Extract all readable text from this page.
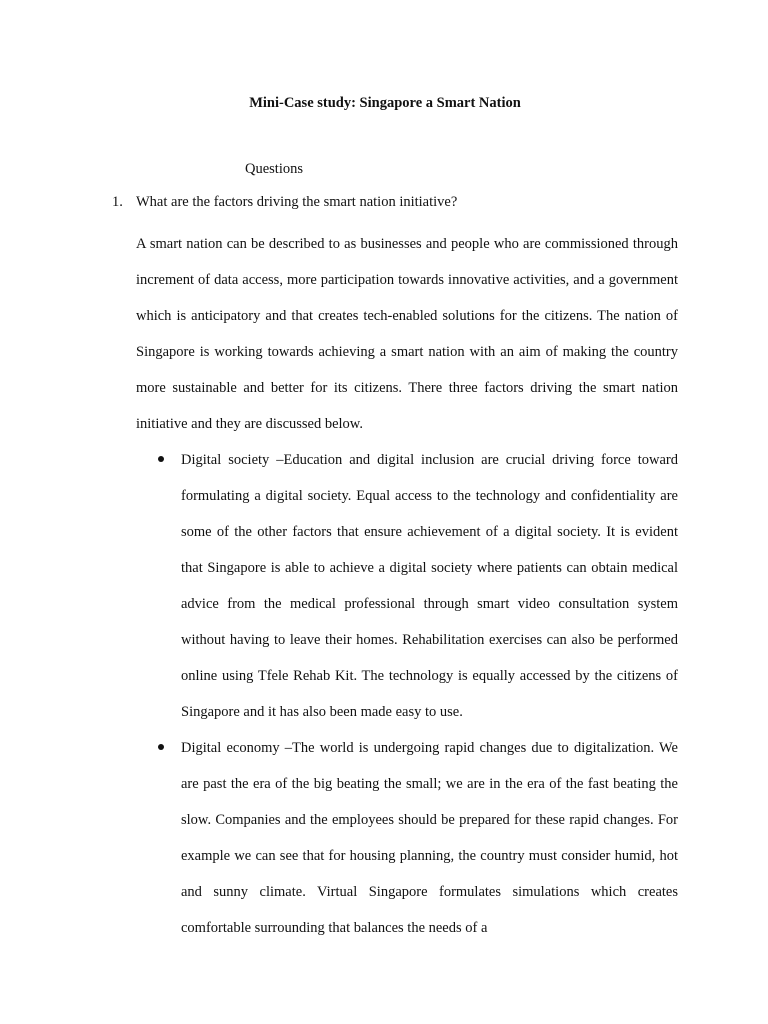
Mini-Case study: Singapore a Smart Nation
Questions
1. What are the factors driving the smart nation initiative?

A smart nation can be described to as businesses and people who are commissioned through increment of data access, more participation towards innovative activities, and a government which is anticipatory and that creates tech-enabled solutions for the citizens. The nation of Singapore is working towards achieving a smart nation with an aim of making the country more sustainable and better for its citizens. There three factors driving the smart nation initiative and they are discussed below.

Digital society –Education and digital inclusion are crucial driving force toward formulating a digital society. Equal access to the technology and confidentiality are some of the other factors that ensure achievement of a digital society. It is evident that Singapore is able to achieve a digital society where patients can obtain medical advice from the medical professional through smart video consultation system without having to leave their homes. Rehabilitation exercises can also be performed online using Tfele Rehab Kit. The technology is equally accessed by the citizens of Singapore and it has also been made easy to use.
Digital economy –The world is undergoing rapid changes due to digitalization. We are past the era of the big beating the small; we are in the era of the fast beating the slow. Companies and the employees should be prepared for these rapid changes. For example we can see that for housing planning, the country must consider humid, hot and sunny climate. Virtual Singapore formulates simulations which creates comfortable surrounding that balances the needs of a
